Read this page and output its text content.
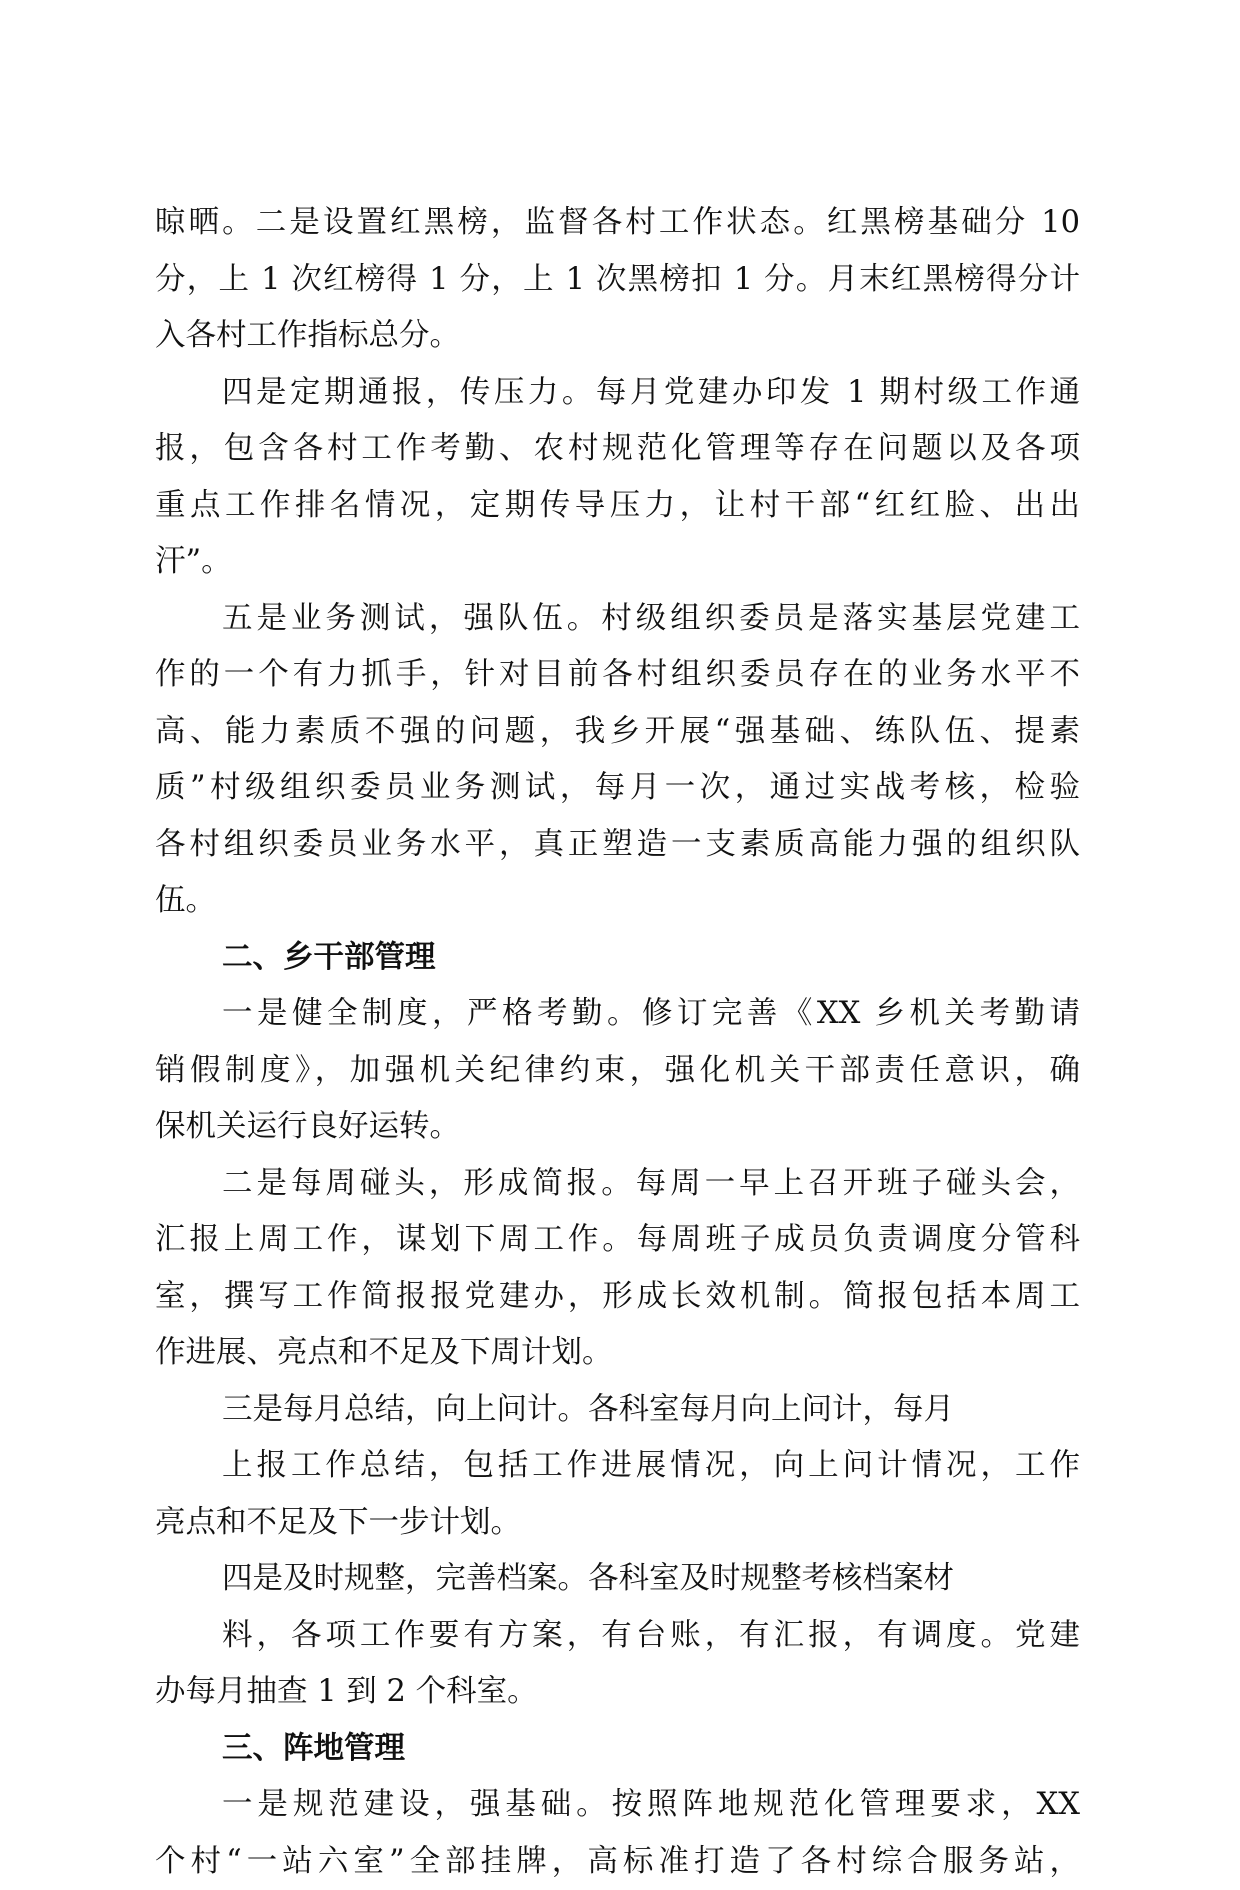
晾晒。二是设置红黑榜，监督各村工作状态。红黑榜基础分 10
分，上 1 次红榜得 1 分，上 1 次黑榜扣 1 分。月末红黑榜得分计
入各村工作指标总分。
四是定期通报，传压力。每月党建办印发 1 期村级工作通
报，包含各村工作考勤、农村规范化管理等存在问题以及各项
重点工作排名情况，定期传导压力，让村干部“红红脸、出出
汗”。
五是业务测试，强队伍。村级组织委员是落实基层党建工
作的一个有力抓手，针对目前各村组织委员存在的业务水平不
高、能力素质不强的问题，我乡开展“强基础、练队伍、提素
质”村级组织委员业务测试，每月一次，通过实战考核，检验
各村组织委员业务水平，真正塑造一支素质高能力强的组织队
伍。
二、乡干部管理
一是健全制度，严格考勤。修订完善《XX 乡机关考勤请
销假制度》，加强机关纪律约束，强化机关干部责任意识，确
保机关运行良好运转。
二是每周碰头，形成简报。每周一早上召开班子碰头会，
汇报上周工作，谋划下周工作。每周班子成员负责调度分管科
室，撰写工作简报报党建办，形成长效机制。简报包括本周工
作进展、亮点和不足及下周计划。
三是每月总结，向上问计。各科室每月向上问计，每月
上报工作总结，包括工作进展情况，向上问计情况，工作
亮点和不足及下一步计划。
四是及时规整，完善档案。各科室及时规整考核档案材
料，各项工作要有方案，有台账，有汇报，有调度。党建
办每月抽查 1 到 2 个科室。
三、阵地管理
一是规范建设，强基础。按照阵地规范化管理要求，XX
个村“一站六室”全部挂牌，高标准打造了各村综合服务站，
